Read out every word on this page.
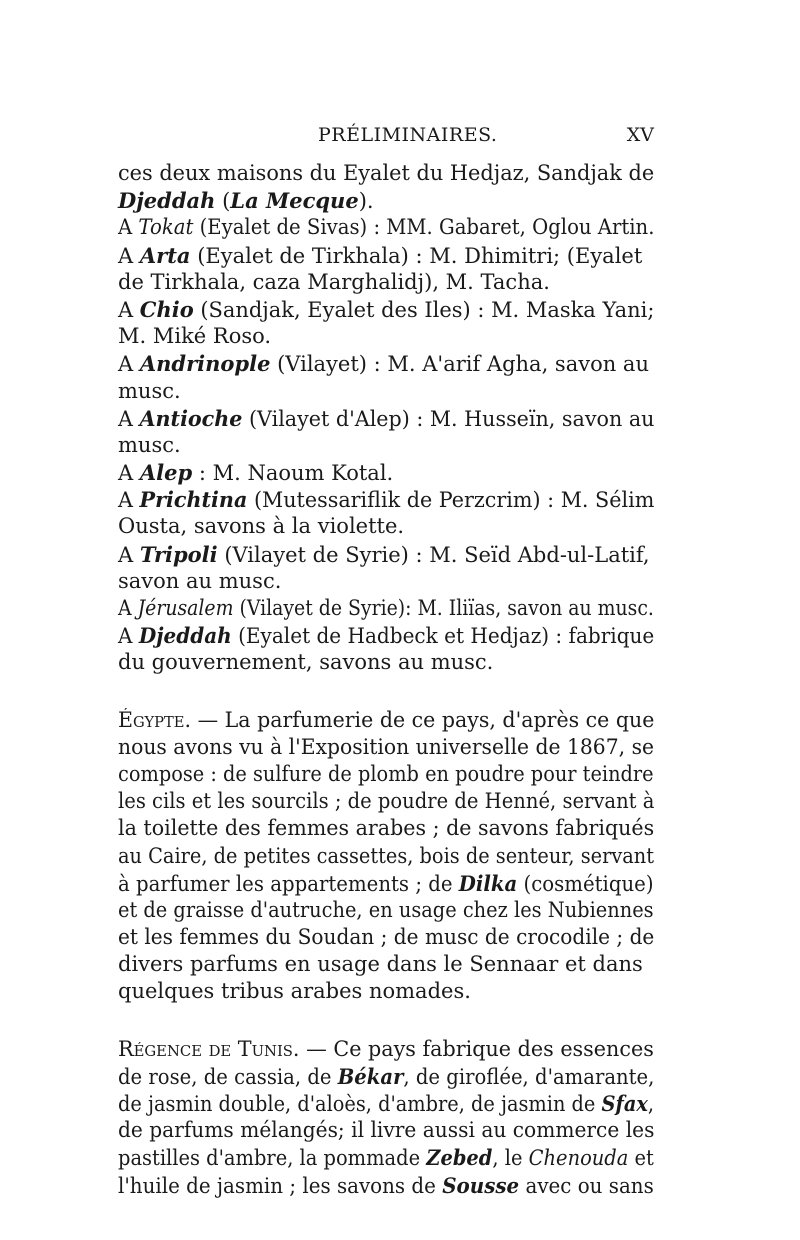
PRÉLIMINAIRES.	XV
ces deux maisons du Eyalet du Hedjaz, Sandjak de
Djeddah (La Mecque).
A Tokat (Eyalet de Sivas) : MM. Gabaret, Oglou Artin.
A Arta (Eyalet de Tirkhala) : M. Dhimitri; (Eyalet
de Tirkhala, caza Marghalidj), M. Tacha.
A Chio (Sandjak, Eyalet des Iles) : M. Maska Yani;
M. Miké Roso.
A Andrinople (Vilayet) : M. A'arif Agha, savon au
musc.
A Antioche (Vilayet d'Alep) : M. Husseïn, savon au
musc.
A Alep : M. Naoum Kotal.
A Prichtina (Mutessariflik de Perzcrim) : M. Sélim
Ousta, savons à la violette.
A Tripoli (Vilayet de Syrie) : M. Seïd Abd-ul-Latif,
savon au musc.
A Jérusalem (Vilayet de Syrie): M. Iliïas, savon au musc.
A Djeddah (Eyalet de Hadbeck et Hedjaz) : fabrique
du gouvernement, savons au musc.
Égypte. — La parfumerie de ce pays, d'après ce que
nous avons vu à l'Exposition universelle de 1867, se
compose : de sulfure de plomb en poudre pour teindre
les cils et les sourcils ; de poudre de Henné, servant à
la toilette des femmes arabes ; de savons fabriqués
au Caire, de petites cassettes, bois de senteur, servant
à parfumer les appartements ; de Dilka (cosmétique)
et de graisse d'autruche, en usage chez les Nubiennes
et les femmes du Soudan ; de musc de crocodile ; de
divers parfums en usage dans le Sennaar et dans
quelques tribus arabes nomades.
Régence de Tunis. — Ce pays fabrique des essences
de rose, de cassia, de Békar, de giroflée, d'amarante,
de jasmin double, d'aloès, d'ambre, de jasmin de Sfax,
de parfums mélangés; il livre aussi au commerce les
pastilles d'ambre, la pommade Zebed, le Chenouda et
l'huile de jasmin ; les savons de Sousse avec ou sans
